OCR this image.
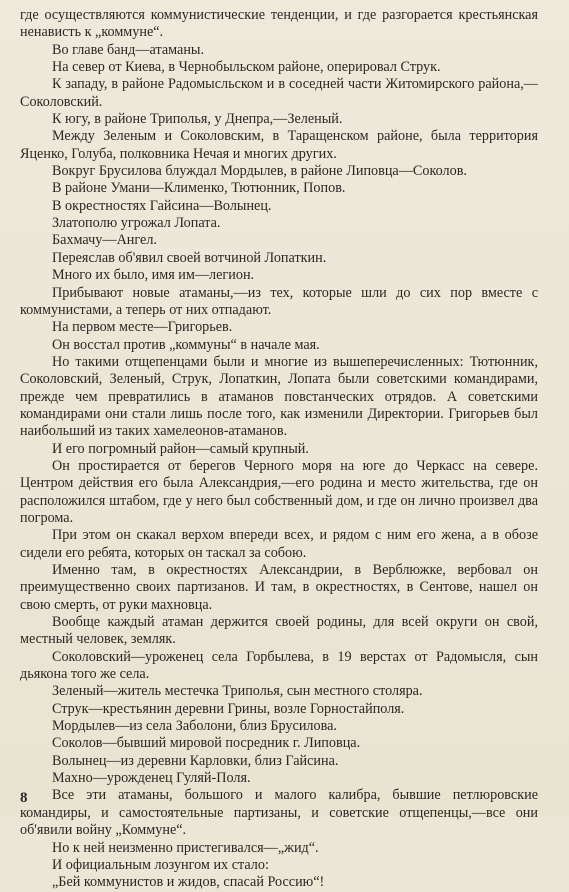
где осуществляются коммунистические тенденции, и где разгорается крестьянская ненависть к „коммуне“.

Во главе банд—атаманы.

На север от Киева, в Чернобыльском районе, оперировал Струк.

К западу, в районе Радомысльском и в соседней части Житомирского района,—Соколовский.

К югу, в районе Триполья, у Днепра,—Зеленый.

Между Зеленым и Соколовским, в Таращенском районе, была территория Яценко, Голуба, полковника Нечая и многих других.

Вокруг Брусилова блуждал Мордылев, в районе Липовца—Соколов.

В районе Умани—Клименко, Тютюнник, Попов.

В окрестностях Гайсина—Волынец.

Златополю угрожал Лопата.

Бахмачу—Ангел.

Переяслав об'явил своей вотчиной Лопаткин.

Много их было, имя им—легион.

Прибывают новые атаманы,—из тех, которые шли до сих пор вместе с коммунистами, а теперь от них отпадают.

На первом месте—Григорьев.

Он восстал против „коммуны“ в начале мая.

Но такими отщепенцами были и многие из вышеперечисленных: Тютюнник, Соколовский, Зеленый, Струк, Лопаткин, Лопата были советскими командирами, прежде чем превратились в атаманов повстанческих отрядов. А советскими командирами они стали лишь после того, как изменили Директории. Григорьев был наибольший из таких хамелеонов-атаманов.

И его погромный район—самый крупный.

Он простирается от берегов Черного моря на юге до Черкасс на севере. Центром действия его была Александрия,—его родина и место жительства, где он расположился штабом, где у него был собственный дом, и где он лично произвел два погрома.

При этом он скакал верхом впереди всех, и рядом с ним его жена, а в обозе сидели его ребята, которых он таскал за собою.

Именно там, в окрестностях Александрии, в Верблюжке, вербовал он преимущественно своих партизанов. И там, в окрестностях, в Сентове, нашел он свою смерть, от руки махновца.

Вообще каждый атаман держится своей родины, для всей округи он свой, местный человек, земляк.

Соколовский—уроженец села Горбылева, в 19 верстах от Радомысля, сын дьякона того же села.

Зеленый—житель местечка Триполья, сын местного столяра.

Струк—крестьянин деревни Грины, возле Горностайполя.

Мордылев—из села Заболони, близ Брусилова.

Соколов—бывший мировой посредник г. Липовца.

Волынец—из деревни Карловки, близ Гайсина.

Махно—урожденец Гуляй-Поля.

Все эти атаманы, большого и малого калибра, бывшие петлюровские командиры, и самостоятельные партизаны, и советские отщепенцы,—все они об'явили войну „Коммуне“.

Но к ней неизменно пристегивался—„жид“.

И официальным лозунгом их стало:

„Бей коммунистов и жидов, спасай Россию“!

8
